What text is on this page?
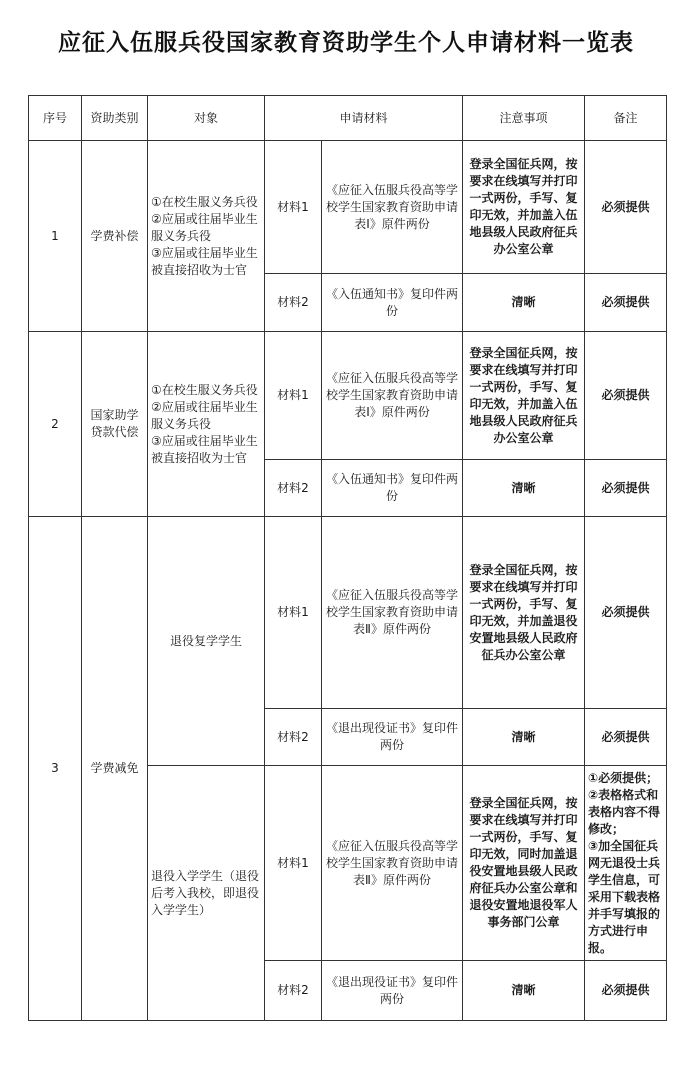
应征入伍服兵役国家教育资助学生个人申请材料一览表
序号	资助类别	对象	申请材料		注意事项	备注
1	学费补偿	①在校生服义务兵役
②应届或往届毕业生服义务兵役
③应届或往届毕业生被直接招收为士官	材料1	《应征入伍服兵役高等学校学生国家教育资助申请表Ⅰ》原件两份	登录全国征兵网，按要求在线填写并打印一式两份，手写、复印无效，并加盖入伍地县级人民政府征兵办公室公章	必须提供
			材料2	《入伍通知书》复印件两份	清晰	必须提供
2	国家助学贷款代偿	①在校生服义务兵役
②应届或往届毕业生服义务兵役
③应届或往届毕业生被直接招收为士官	材料1	《应征入伍服兵役高等学校学生国家教育资助申请表Ⅰ》原件两份	登录全国征兵网，按要求在线填写并打印一式两份，手写、复印无效，并加盖入伍地县级人民政府征兵办公室公章	必须提供
			材料2	《入伍通知书》复印件两份	清晰	必须提供
3	学费减免	退役复学学生	材料1	《应征入伍服兵役高等学校学生国家教育资助申请表Ⅱ》原件两份	登录全国征兵网，按要求在线填写并打印一式两份，手写、复印无效，并加盖退役安置地县级人民政府征兵办公室公章	必须提供
			材料2	《退出现役证书》复印件两份	清晰	必须提供
		退役入学学生（退役后考入我校，即退役入学学生）	材料1	《应征入伍服兵役高等学校学生国家教育资助申请表Ⅱ》原件两份	登录全国征兵网，按要求在线填写并打印一式两份，手写、复印无效，同时加盖退役安置地县级人民政府征兵办公室公章和退役安置地退役军人事务部门公章	①必须提供；
②表格格式和表格内容不得修改；
③加全国征兵网无退役士兵学生信息，可采用下载表格并手写填报的方式进行申报。

			材料2	《退出现役证书》复印件两份	清晰	必须提供
